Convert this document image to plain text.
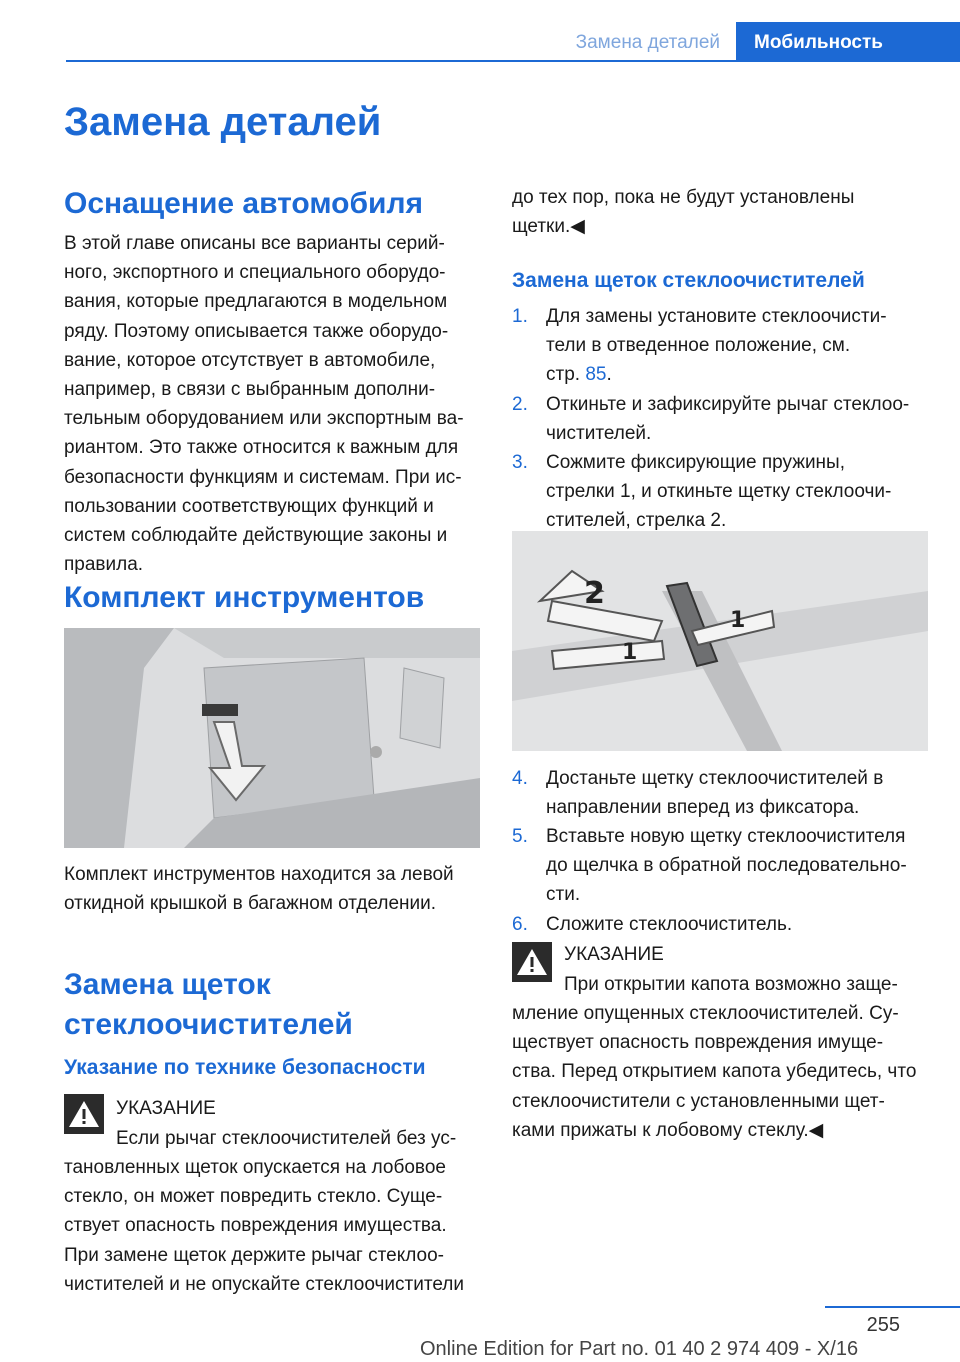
Замена деталей	Мобильность
Замена деталей
Оснащение автомобиля
В этой главе описаны все варианты серий-
ного, экспортного и специального оборудо-
вания, которые предлагаются в модельном
ряду. Поэтому описывается также оборудо-
вание, которое отсутствует в автомобиле,
например, в связи с выбранным дополни-
тельным оборудованием или экспортным ва-
риантом. Это также относится к важным для
безопасности функциям и системам. При ис-
пользовании соответствующих функций и
систем соблюдайте действующие законы и
правила.
Комплект инструментов
Комплект инструментов находится за левой
откидной крышкой в багажном отделении.
Замена щеток
стеклоочистителей
Указание по технике безопасности
УКАЗАНИЕ
Если рычаг стеклоочистителей без ус-
тановленных щеток опускается на лобовое
стекло, он может повредить стекло. Суще-
ствует опасность повреждения имущества.
При замене щеток держите рычаг стеклоо-
чистителей и не опускайте стеклоочистители
до тех пор, пока не будут установлены
щетки.◀
Замена щеток стеклоочистителей
1. Для замены установите стеклоочисти-
тели в отведенное положение, см.
стр. 85.
2. Откиньте и зафиксируйте рычаг стеклоо-
чистителей.
3. Сожмите фиксирующие пружины,
стрелки 1, и откиньте щетку стеклоочи-
стителей, стрелка 2.
2
1
1
4. Достаньте щетку стеклоочистителей в
направлении вперед из фиксатора.
5. Вставьте новую щетку стеклоочистителя
до щелчка в обратной последовательно-
сти.
6. Сложите стеклоочиститель.
УКАЗАНИЕ
При открытии капота возможно заще-
мление опущенных стеклоочистителей. Су-
ществует опасность повреждения имуще-
ства. Перед открытием капота убедитесь, что
стеклоочистители с установленными щет-
ками прижаты к лобовому стеклу.◀
255
Online Edition for Part no. 01 40 2 974 409 - X/16
